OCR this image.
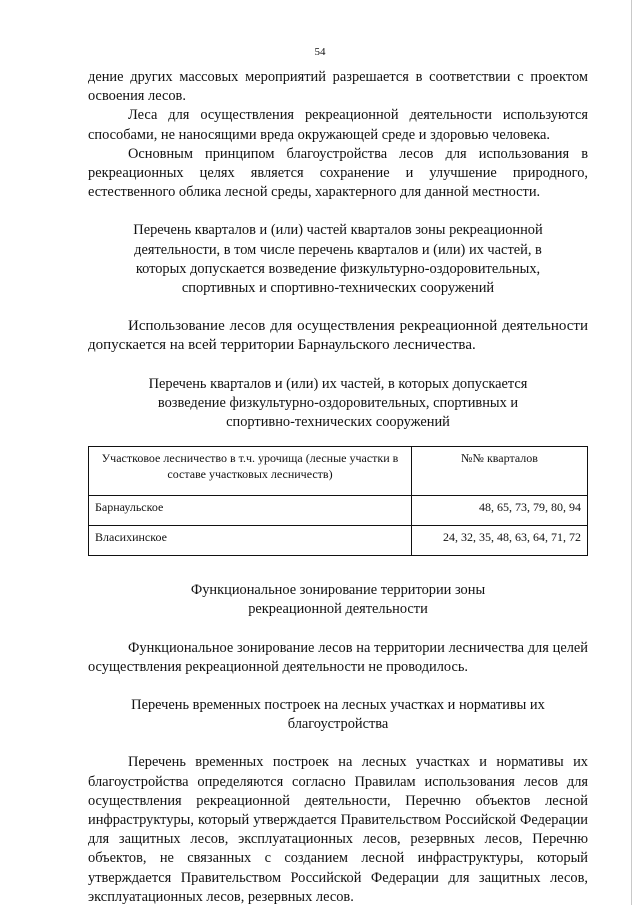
54

дение других массовых мероприятий разрешается в соответствии с проектом освоения лесов.

Леса для осуществления рекреационной деятельности используются способами, не наносящими вреда окружающей среде и здоровью человека.

Основным принципом благоустройства лесов для использования в рекреационных целях является сохранение и улучшение природного, естественного облика лесной среды, характерного для данной местности.

Перечень кварталов и (или) частей кварталов зоны рекреационной деятельности, в том числе перечень кварталов и (или) их частей, в которых допускается возведение физкультурно-оздоровительных, спортивных и спортивно-технических сооружений

Использование лесов для осуществления рекреационной деятельности допускается на всей территории Барнаульского лесничества.

Перечень кварталов и (или) их частей, в которых допускается возведение физкультурно-оздоровительных, спортивных и спортивно-технических сооружений

Участковое лесничество в т.ч. урочища (лесные участки в составе участковых лесничеств)	№№ кварталов
Барнаульское	48, 65, 73, 79, 80, 94
Власихинское	24, 32, 35, 48, 63, 64, 71, 72

Функциональное зонирование территории зоны рекреационной деятельности

Функциональное зонирование лесов на территории лесничества для целей осуществления рекреационной деятельности не проводилось.

Перечень временных построек на лесных участках и нормативы их благоустройства

Перечень временных построек на лесных участках и нормативы их благоустройства определяются согласно Правилам использования лесов для осуществления рекреационной деятельности, Перечню объектов лесной инфраструктуры, который утверждается Правительством Российской Федерации для защитных лесов, эксплуатационных лесов, резервных лесов, Перечню объектов, не связанных с созданием лесной инфраструктуры, который утверждается Правительством Российской Федерации для защитных лесов, эксплуатационных лесов, резервных лесов.
